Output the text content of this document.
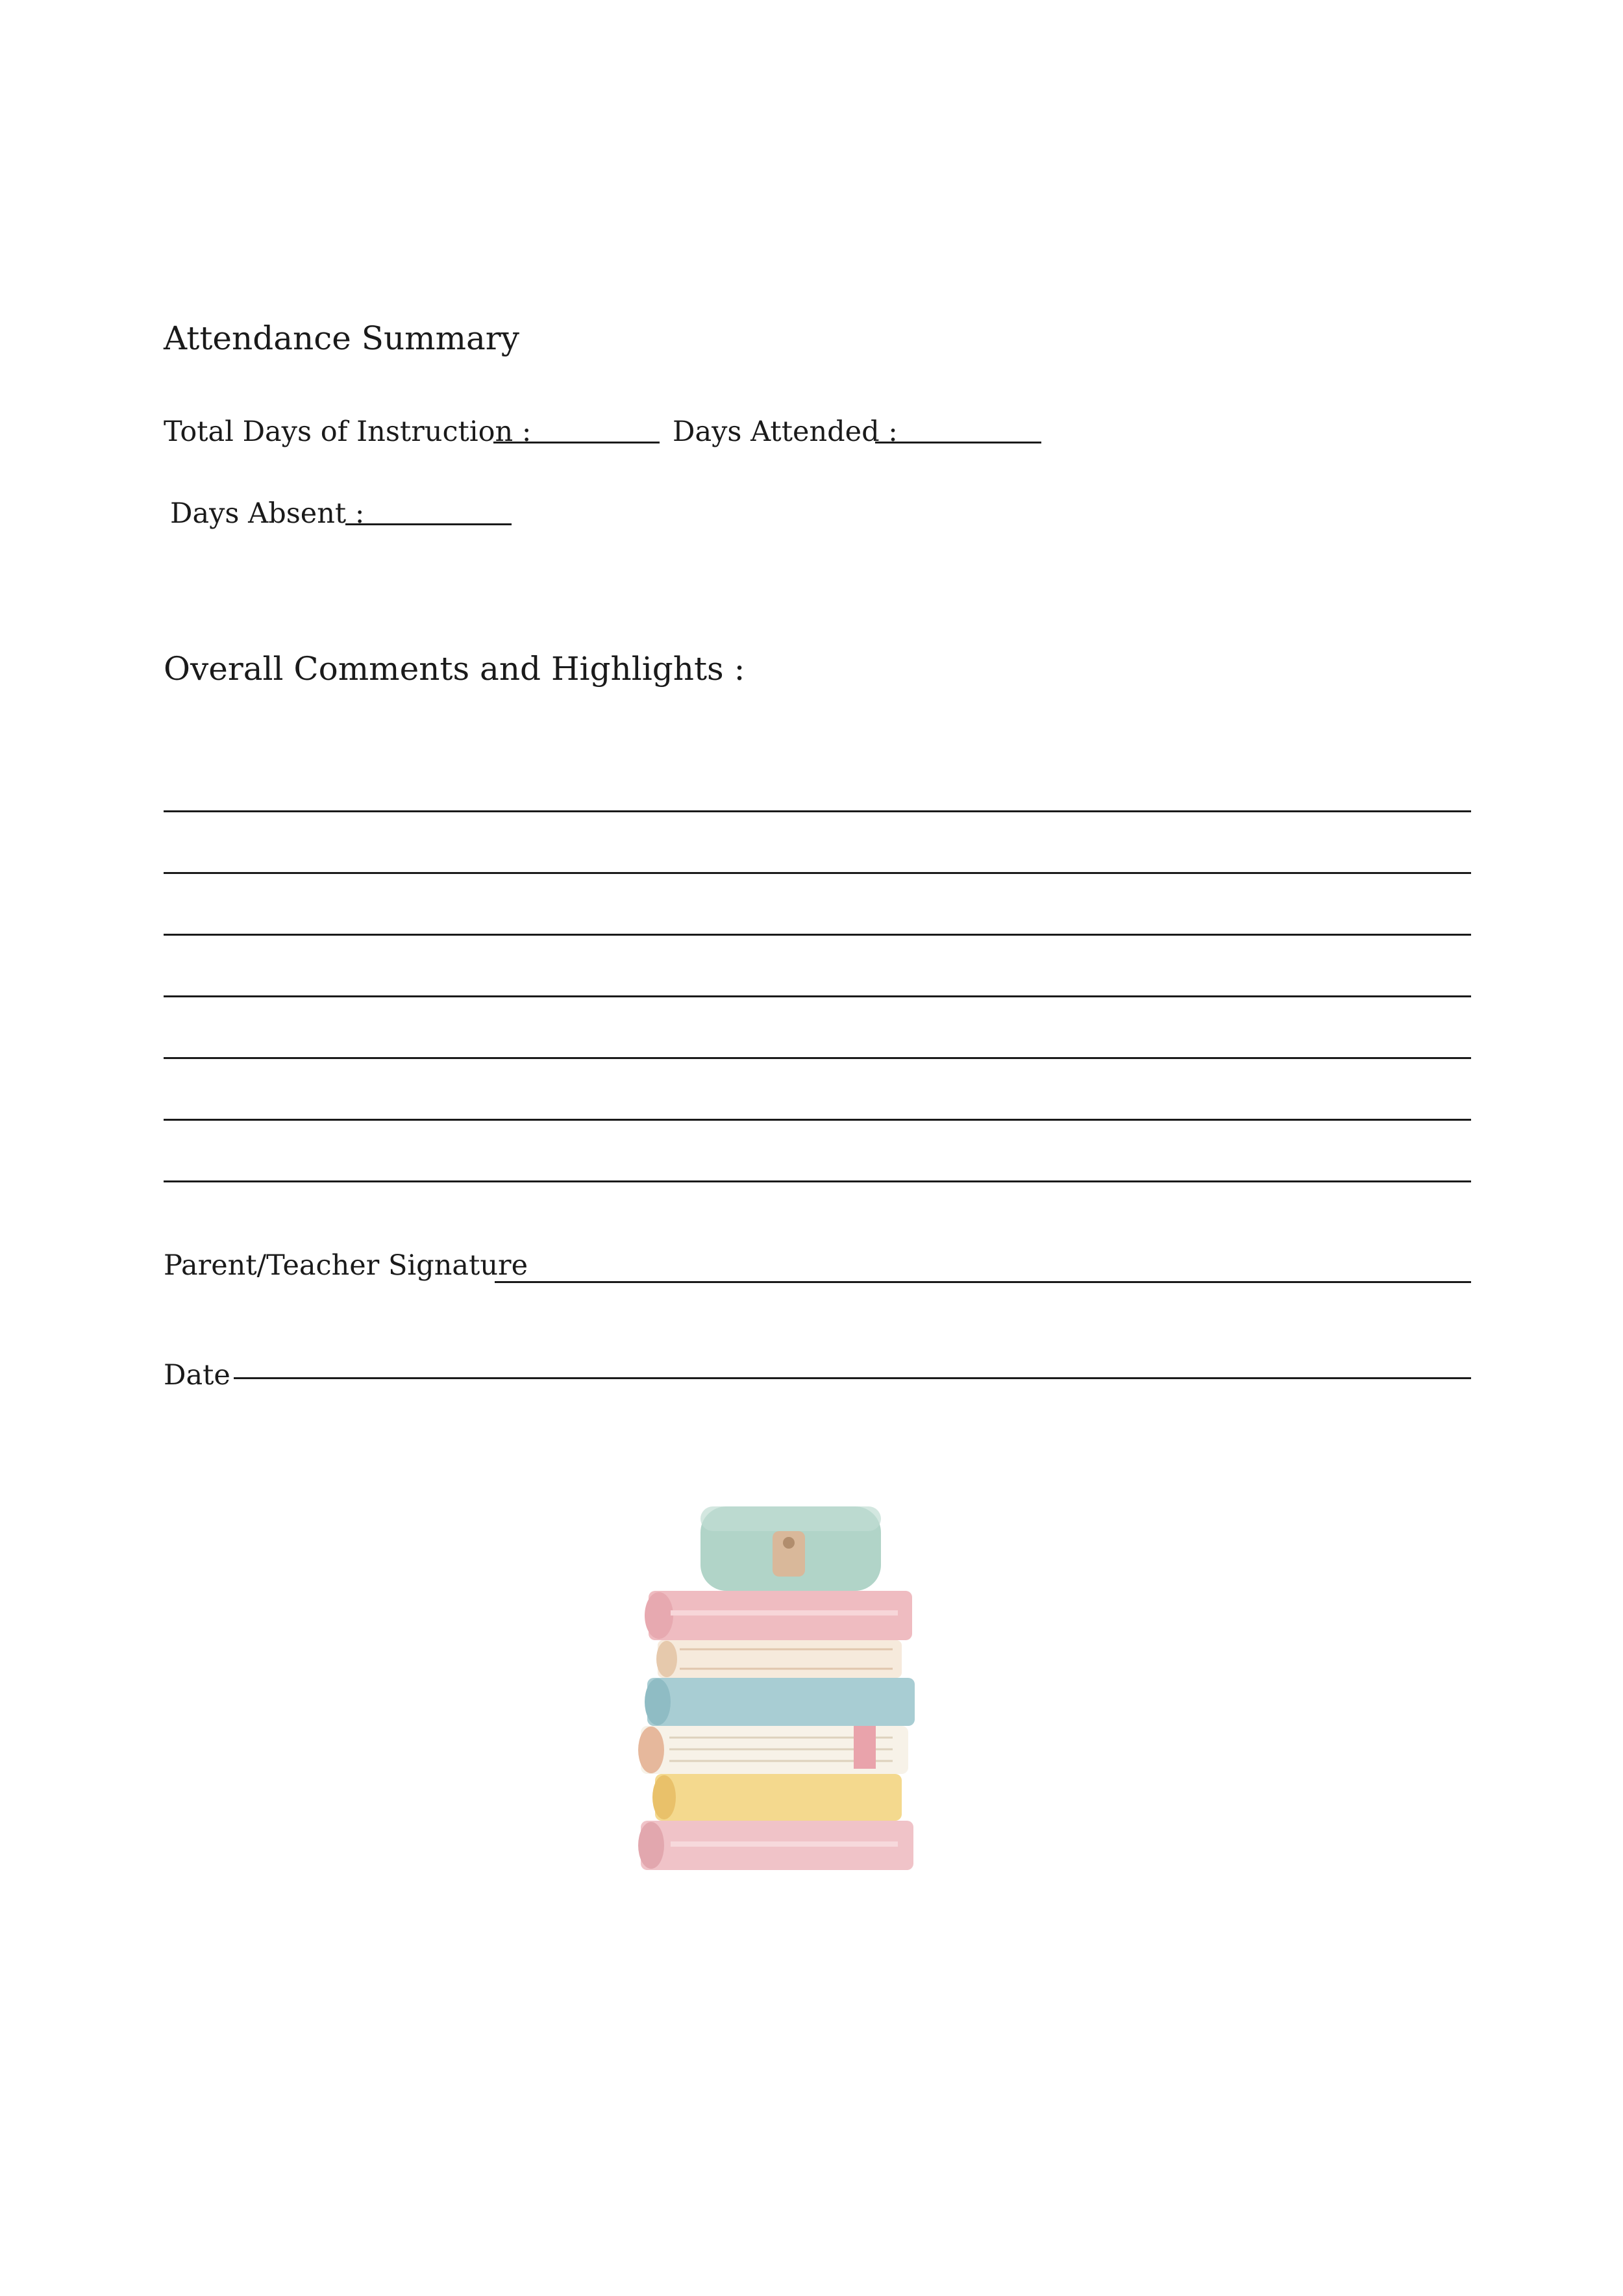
Attendance Summary
Total Days of Instruction :	Days Attended :
Days Absent :
Overall Comments and Highlights :
Parent/Teacher Signature
Date
